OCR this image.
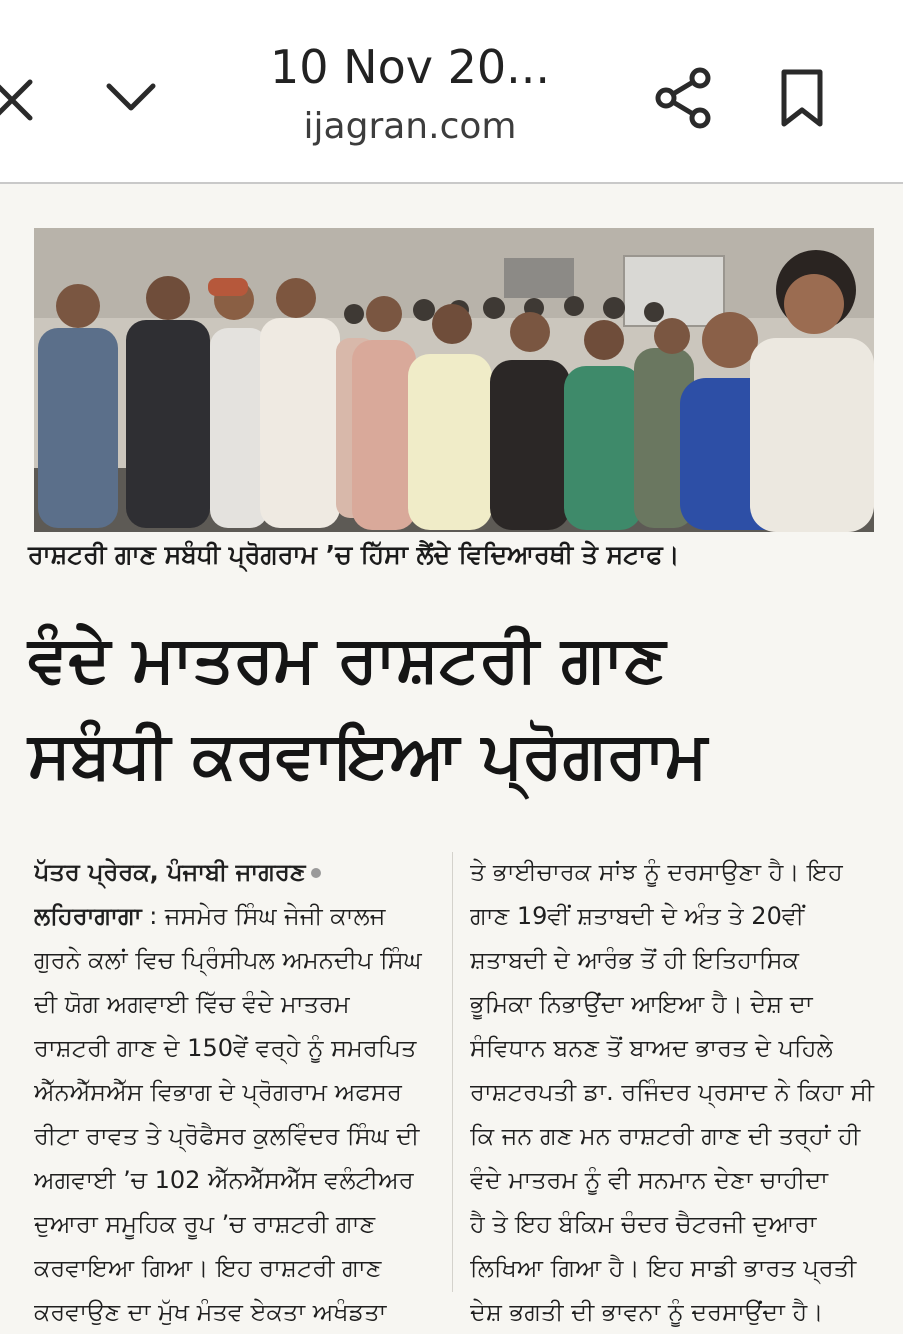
10 Nov 20...
ijagran.com

ਰਾਸ਼ਟਰੀ ਗਾਣ ਸਬੰਧੀ ਪ੍ਰੋਗਰਾਮ ’ਚ ਹਿੱਸਾ ਲੈਂਦੇ ਵਿਦਿਆਰਥੀ ਤੇ ਸਟਾਫ।
ਵੰਦੇ ਮਾਤਰਮ ਰਾਸ਼ਟਰੀ ਗਾਣ
ਸਬੰਧੀ ਕਰਵਾਇਆ ਪ੍ਰੋਗਰਾਮ
ਪੱਤਰ ਪ੍ਰੇਰਕ, ਪੰਜਾਬੀ ਜਾਗਰਣ
ਲਹਿਰਾਗਾਗਾ : ਜਸਮੇਰ ਸਿੰਘ ਜੇਜੀ ਕਾਲਜ
ਗੁਰਨੇ ਕਲਾਂ ਵਿਚ ਪ੍ਰਿੰਸੀਪਲ ਅਮਨਦੀਪ ਸਿੰਘ
ਦੀ ਯੋਗ ਅਗਵਾਈ ਵਿੱਚ ਵੰਦੇ ਮਾਤਰਮ
ਰਾਸ਼ਟਰੀ ਗਾਣ ਦੇ 150ਵੇਂ ਵਰ੍ਹੇ ਨੂੰ ਸਮਰਪਿਤ
ਐੱਨਐੱਸਐੱਸ ਵਿਭਾਗ ਦੇ ਪ੍ਰੋਗਰਾਮ ਅਫਸਰ
ਰੀਟਾ ਰਾਵਤ ਤੇ ਪ੍ਰੋਫੈਸਰ ਕੁਲਵਿੰਦਰ ਸਿੰਘ ਦੀ
ਅਗਵਾਈ ’ਚ 102 ਐੱਨਐੱਸਐੱਸ ਵਲੰਟੀਅਰ
ਦੁਆਰਾ ਸਮੂਹਿਕ ਰੂਪ ’ਚ ਰਾਸ਼ਟਰੀ ਗਾਣ
ਕਰਵਾਇਆ ਗਿਆ। ਇਹ ਰਾਸ਼ਟਰੀ ਗਾਣ
ਕਰਵਾਉਣ ਦਾ ਮੁੱਖ ਮੰਤਵ ਏਕਤਾ ਅਖੰਡਤਾ
ਤੇ ਭਾਈਚਾਰਕ ਸਾਂਝ ਨੂੰ ਦਰਸਾਉਣਾ ਹੈ। ਇਹ
ਗਾਣ 19ਵੀਂ ਸ਼ਤਾਬਦੀ ਦੇ ਅੰਤ ਤੇ 20ਵੀਂ
ਸ਼ਤਾਬਦੀ ਦੇ ਆਰੰਭ ਤੋਂ ਹੀ ਇਤਿਹਾਸਿਕ
ਭੂਮਿਕਾ ਨਿਭਾਉਂਦਾ ਆਇਆ ਹੈ। ਦੇਸ਼ ਦਾ
ਸੰਵਿਧਾਨ ਬਨਣ ਤੋਂ ਬਾਅਦ ਭਾਰਤ ਦੇ ਪਹਿਲੇ
ਰਾਸ਼ਟਰਪਤੀ ਡਾ. ਰਜਿੰਦਰ ਪ੍ਰਸਾਦ ਨੇ ਕਿਹਾ ਸੀ
ਕਿ ਜਨ ਗਣ ਮਨ ਰਾਸ਼ਟਰੀ ਗਾਣ ਦੀ ਤਰ੍ਹਾਂ ਹੀ
ਵੰਦੇ ਮਾਤਰਮ ਨੂੰ ਵੀ ਸਨਮਾਨ ਦੇਣਾ ਚਾਹੀਦਾ
ਹੈ ਤੇ ਇਹ ਬੰਕਿਮ ਚੰਦਰ ਚੈਟਰਜੀ ਦੁਆਰਾ
ਲਿਖਿਆ ਗਿਆ ਹੈ। ਇਹ ਸਾਡੀ ਭਾਰਤ ਪ੍ਰਤੀ
ਦੇਸ਼ ਭਗਤੀ ਦੀ ਭਾਵਨਾ ਨੂੰ ਦਰਸਾਉਂਦਾ ਹੈ।
